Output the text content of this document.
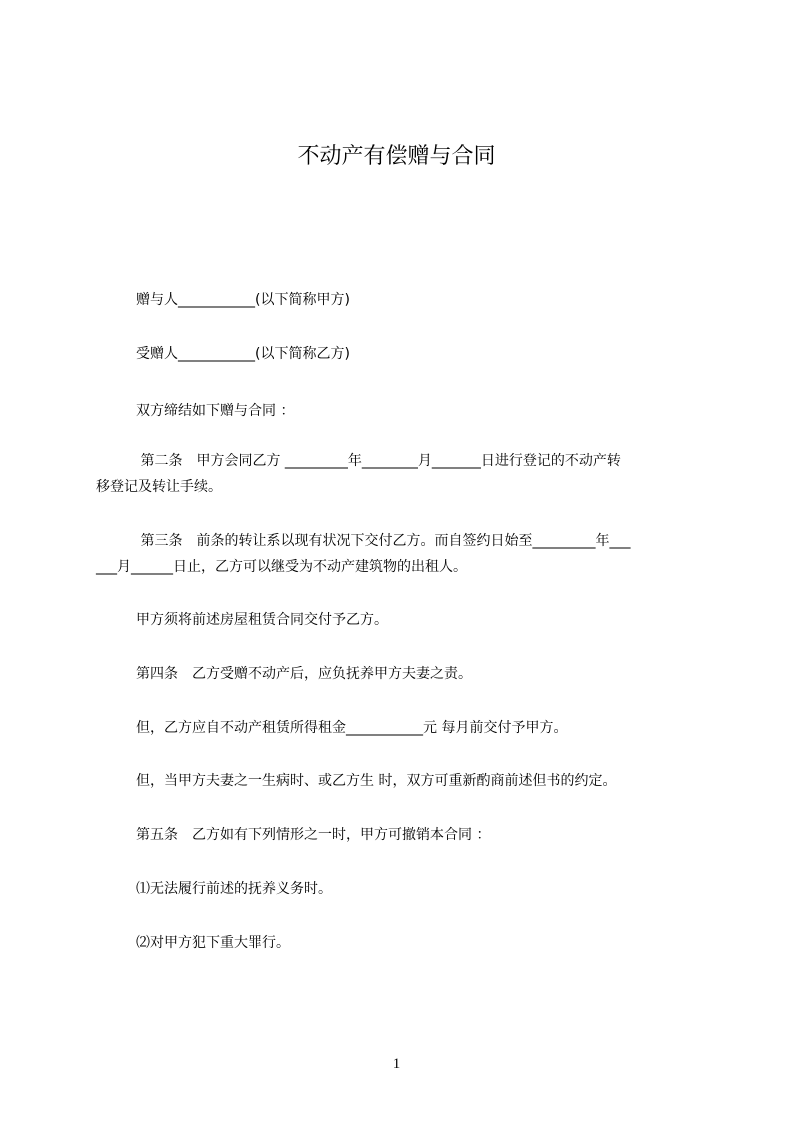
不动产有偿赠与合同
赠与人___________(以下简称甲方)
受赠人___________(以下简称乙方)
双方缔结如下赠与合同 ：
第二条　甲方会同乙方 _________年________月_______日进行登记的不动产转
移登记及转让手续。
第三条　前条的转让系以现有状况下交付乙方。而自签约日始至_________年___
___月______日止，乙方可以继受为不动产建筑物的出租人。
甲方须将前述房屋租赁合同交付予乙方。
第四条　乙方受赠不动产后，应负抚养甲方夫妻之责。
但，乙方应自不动产租赁所得租金___________元 每月前交付予甲方。
但，当甲方夫妻之一生病时、或乙方生 时，双方可重新酌商前述但书的约定。
第五条　乙方如有下列情形之一时，甲方可撤销本合同 ：
⑴无法履行前述的抚养义务时。
⑵对甲方犯下重大罪行。
1
